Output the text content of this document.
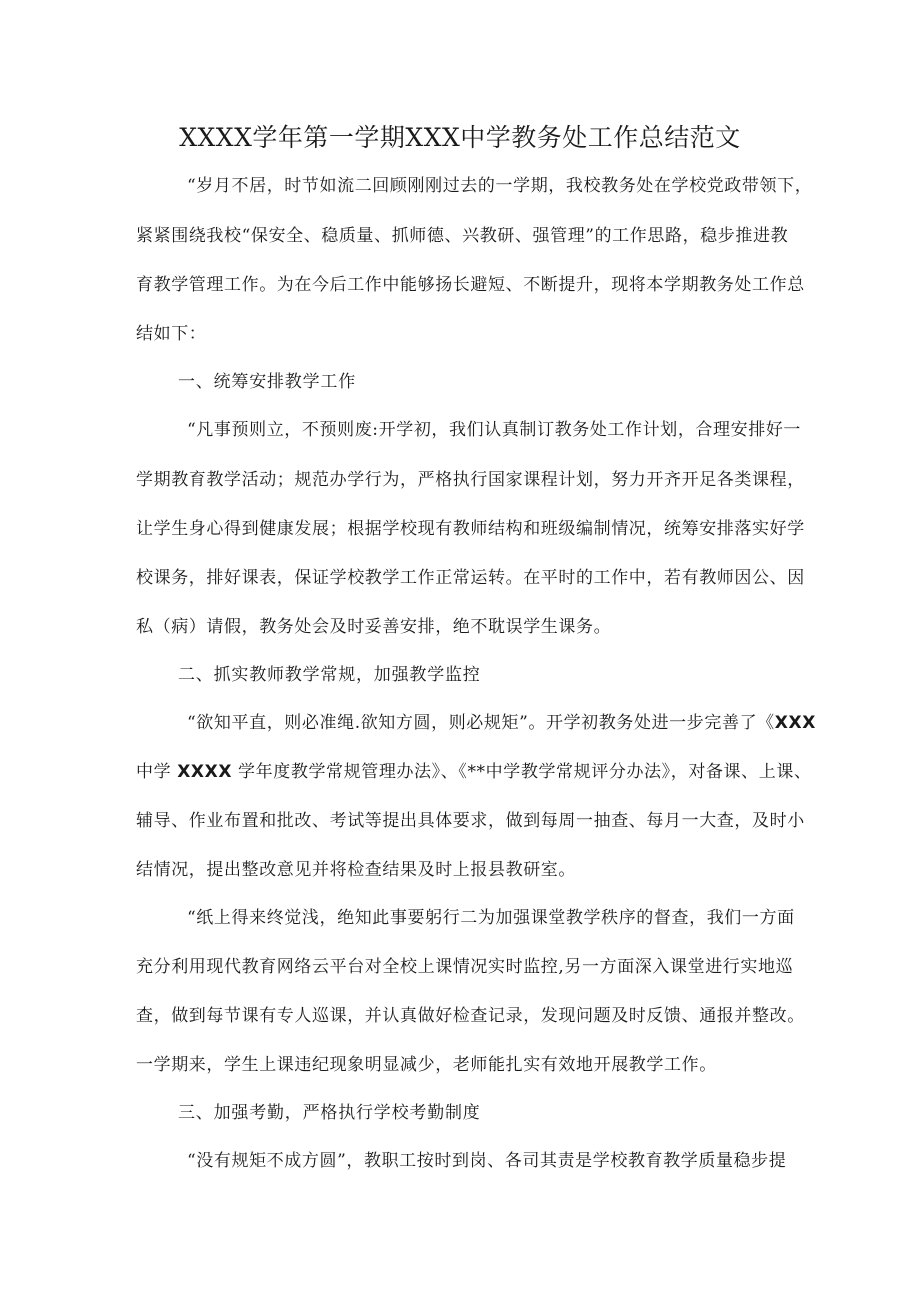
XXXX学年第一学期XXX中学教务处工作总结范文
“岁月不居，时节如流二回顾刚刚过去的一学期，我校教务处在学校党政带领下，
紧紧围绕我校“保安全、稳质量、抓师德、兴教研、强管理”的工作思路，稳步推进教
育教学管理工作。为在今后工作中能够扬长避短、不断提升，现将本学期教务处工作总
结如下：
一、统筹安排教学工作
“凡事预则立，不预则废:开学初，我们认真制订教务处工作计划，合理安排好一
学期教育教学活动；规范办学行为，严格执行国家课程计划，努力开齐开足各类课程，
让学生身心得到健康发展；根据学校现有教师结构和班级编制情况，统筹安排落实好学
校课务，排好课表，保证学校教学工作正常运转。在平时的工作中，若有教师因公、因
私（病）请假，教务处会及时妥善安排，绝不耽误学生课务。
二、抓实教师教学常规，加强教学监控
“欲知平直，则必准绳.欲知方圆，则必规矩”。开学初教务处进一步完善了《XXX
中学 XXXX 学年度教学常规管理办法》、《**中学教学常规评分办法》，对备课、上课、
辅导、作业布置和批改、考试等提出具体要求，做到每周一抽查、每月一大查，及时小
结情况，提出整改意见并将检查结果及时上报县教研室。
“纸上得来终觉浅，绝知此事要躬行二为加强课堂教学秩序的督查，我们一方面
充分利用现代教育网络云平台对全校上课情况实时监控,另一方面深入课堂进行实地巡
查，做到每节课有专人巡课，并认真做好检查记录，发现问题及时反馈、通报并整改。
一学期来，学生上课违纪现象明显减少，老师能扎实有效地开展教学工作。
三、加强考勤，严格执行学校考勤制度
“没有规矩不成方圆”，教职工按时到岗、各司其责是学校教育教学质量稳步提
